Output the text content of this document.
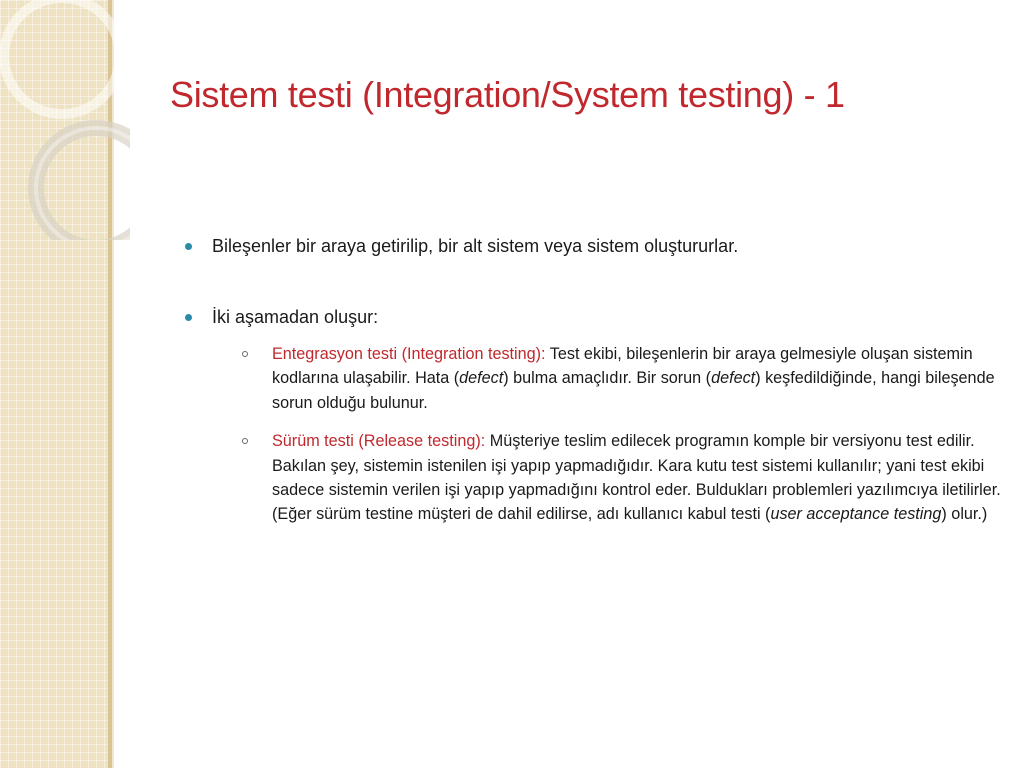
Sistem testi (Integration/System testing) - 1

Bileşenler bir araya getirilip, bir alt sistem veya sistem oluştururlar.

İki aşamadan oluşur:

Entegrasyon testi (Integration testing): Test ekibi, bileşenlerin bir araya gelmesiyle oluşan sistemin kodlarına ulaşabilir. Hata (defect) bulma amaçlıdır. Bir sorun (defect) keşfedildiğinde, hangi bileşende sorun olduğu bulunur.

Sürüm testi (Release testing): Müşteriye teslim edilecek programın komple bir versiyonu test edilir. Bakılan şey, sistemin istenilen işi yapıp yapmadığıdır. Kara kutu test sistemi kullanılır; yani test ekibi sadece sistemin verilen işi yapıp yapmadığını kontrol eder. Buldukları problemleri yazılımcıya iletilirler. (Eğer sürüm testine müşteri de dahil edilirse, adı kullanıcı kabul testi (user acceptance testing) olur.)
